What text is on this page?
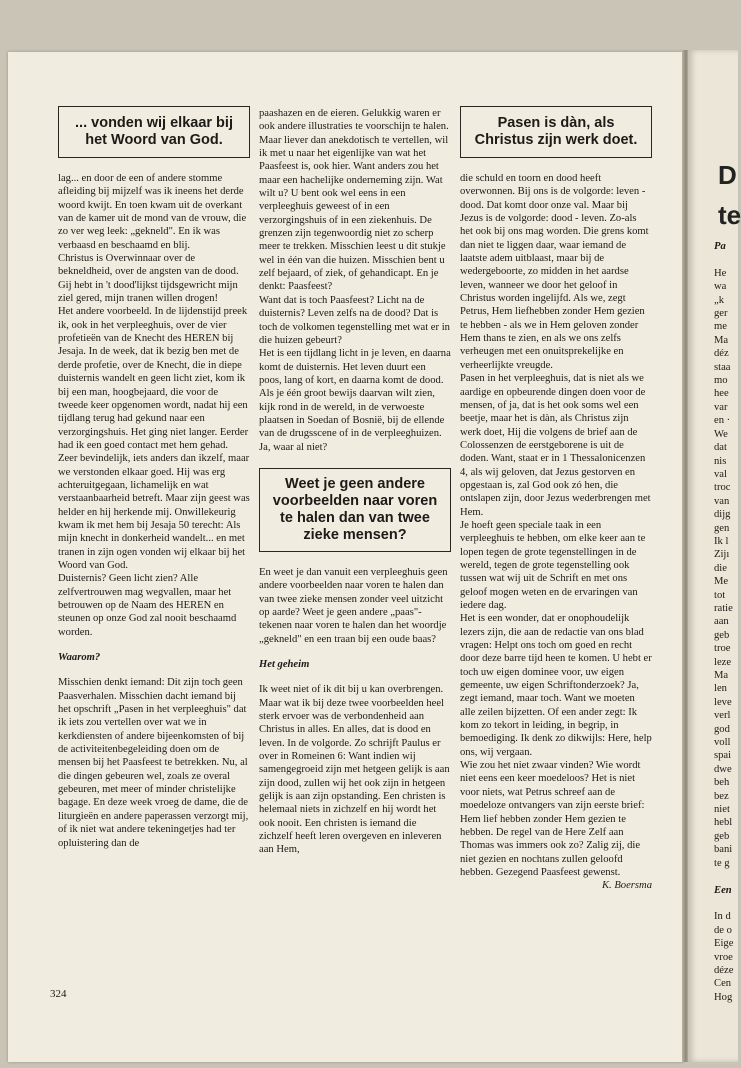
D
te
Pa

He
wa
„k
ger
me
Ma
déz
staa
mo
hee
var
en ·
We
dat
nis
val
troc
van
dijg
gen
Ik l
Zijı
die
Me
tot
ratie
aan
geb
troe
leze
Ma
len
leve
verl
god
voll
spai
dwe
beh
bez
niet
hebl
geb
bani
te g

Een

In d
de o
Eige
vroe
déze
Cen
Hog
... vonden wij elkaar bij het Woord van God.

lag... en door de een of andere stomme afleiding bij mijzelf was ik ineens het derde woord kwijt. En toen kwam uit de overkant van de kamer uit de mond van de vrouw, die zo ver weg leek: „gekneld". En ik was verbaasd en beschaamd en blij.

Christus is Overwinnaar over de bekneldheid, over de angsten van de dood. Gij hebt in 't dood'lijkst tijdsgewricht mijn ziel gered, mijn tranen willen drogen!

Het andere voorbeeld. In de lijdenstijd preek ik, ook in het verpleeghuis, over de vier profetieën van de Knecht des HEREN bij Jesaja. In de week, dat ik bezig ben met de derde profetie, over de Knecht, die in diepe duisternis wandelt en geen licht ziet, kom ik bij een man, hoogbejaard, die voor de tweede keer opgenomen wordt, nadat hij een tijdlang terug had gekund naar een verzorgingshuis. Het ging niet langer. Eerder had ik een goed contact met hem gehad. Zeer bevindelijk, iets anders dan ikzelf, maar we verstonden elkaar goed. Hij was erg achteruitgegaan, lichamelijk en wat verstaanbaarheid betreft. Maar zijn geest was helder en hij herkende mij. Onwillekeurig kwam ik met hem bij Jesaja 50 terecht: Als mijn knecht in donkerheid wandelt... en met tranen in zijn ogen vonden wij elkaar bij het Woord van God.

Duisternis? Geen licht zien? Alle zelfvertrouwen mag wegvallen, maar het betrouwen op de Naam des HEREN en steunen op onze God zal nooit beschaamd worden.

Waarom?

Misschien denkt iemand: Dit zijn toch geen Paasverhalen. Misschien dacht iemand bij het opschrift „Pasen in het verpleeghuis" dat ik iets zou vertellen over wat we in kerkdiensten of andere bijeenkomsten of bij de activiteitenbegeleiding doen om de mensen bij het Paasfeest te betrekken. Nu, al die dingen gebeuren wel, zoals ze overal gebeuren, met meer of minder christelijke bagage. En deze week vroeg de dame, die de liturgieën en andere paperassen verzorgt mij, of ik niet wat andere tekeningetjes had ter opluistering dan de

paashazen en de eieren. Gelukkig waren er ook andere illustraties te voorschijn te halen.

Maar liever dan anekdotisch te vertellen, wil ik met u naar het eigenlijke van wat het Paasfeest is, ook hier. Want anders zou het maar een hachelijke onderneming zijn. Wat wilt u? U bent ook wel eens in een verpleeghuis geweest of in een verzorgingshuis of in een ziekenhuis. De grenzen zijn tegenwoordig niet zo scherp meer te trekken. Misschien leest u dit stukje wel in één van die huizen. Misschien bent u zelf bejaard, of ziek, of gehandicapt. En je denkt: Paasfeest?

Want dat is toch Paasfeest? Licht na de duisternis? Leven zelfs na de dood? Dat is toch de volkomen tegenstelling met wat er in die huizen gebeurt?

Het is een tijdlang licht in je leven, en daarna komt de duisternis. Het leven duurt een poos, lang of kort, en daarna komt de dood. Als je één groot bewijs daarvan wilt zien, kijk rond in de wereld, in de verwoeste plaatsen in Soedan of Bosnië, bij de ellende van de drugsscene of in de verpleeghuizen. Ja, waar al niet?

Weet je geen andere voorbeelden naar voren te halen dan van twee zieke mensen?

En weet je dan vanuit een verpleeghuis geen andere voorbeelden naar voren te halen dan van twee zieke mensen zonder veel uitzicht op aarde? Weet je geen andere „paas"-tekenen naar voren te halen dan het woordje „gekneld" en een traan bij een oude baas?

Het geheim

Ik weet niet of ik dit bij u kan overbrengen. Maar wat ik bij deze twee voorbeelden heel sterk ervoer was de verbondenheid aan Christus in alles. En alles, dat is dood en leven. In de volgorde. Zo schrijft Paulus er over in Romeinen 6: Want indien wij samengegroeid zijn met hetgeen gelijk is aan zijn dood, zullen wij het ook zijn in hetgeen gelijk is aan zijn opstanding. Een christen is helemaal niets in zichzelf en hij wordt het ook nooit. Een christen is iemand die zichzelf heeft leren overgeven en inleveren aan Hem,

Pasen is dàn, als Christus zijn werk doet.

die schuld en toorn en dood heeft overwonnen. Bij ons is de volgorde: leven - dood. Dat komt door onze val. Maar bij Jezus is de volgorde: dood - leven. Zo-als het ook bij ons mag worden. Die grens komt dan niet te liggen daar, waar iemand de laatste adem uitblaast, maar bij de wedergeboorte, zo midden in het aardse leven, wanneer we door het geloof in Christus worden ingelijfd. Als we, zegt Petrus, Hem liefhebben zonder Hem gezien te hebben - als we in Hem geloven zonder Hem thans te zien, en als we ons zelfs verheugen met een onuitsprekelijke en verheerlijkte vreugde.

Pasen in het verpleeghuis, dat is niet als we aardige en opbeurende dingen doen voor de mensen, of ja, dat is het ook soms wel een beetje, maar het is dàn, als Christus zijn werk doet, Hij die volgens de brief aan de Colossenzen de eerstgeborene is uit de doden. Want, staat er in 1 Thessalonicenzen 4, als wij geloven, dat Jezus gestorven en opgestaan is, zal God ook zó hen, die ontslapen zijn, door Jezus wederbrengen met Hem.

Je hoeft geen speciale taak in een verpleeghuis te hebben, om elke keer aan te lopen tegen de grote tegenstellingen in de wereld, tegen de grote tegenstelling ook tussen wat wij uit de Schrift en met ons geloof mogen weten en de ervaringen van iedere dag.

Het is een wonder, dat er onophoudelijk lezers zijn, die aan de redactie van ons blad vragen: Helpt ons toch om goed en recht door deze barre tijd heen te komen. U hebt er toch uw eigen dominee voor, uw eigen gemeente, uw eigen Schriftonderzoek? Ja, zegt iemand, maar toch. Want we moeten alle zeilen bijzetten. Of een ander zegt: Ik kom zo tekort in leiding, in begrip, in bemoediging. Ik denk zo dikwijls: Here, help ons, wij vergaan.

Wie zou het niet zwaar vinden? Wie wordt niet eens een keer moedeloos? Het is niet voor niets, wat Petrus schreef aan de moedeloze ontvangers van zijn eerste brief: Hem lief hebben zonder Hem gezien te hebben. De regel van de Here Zelf aan Thomas was immers ook zo? Zalig zij, die niet gezien en nochtans zullen geloofd hebben. Gezegend Paasfeest gewenst.

K. Boersma

324
